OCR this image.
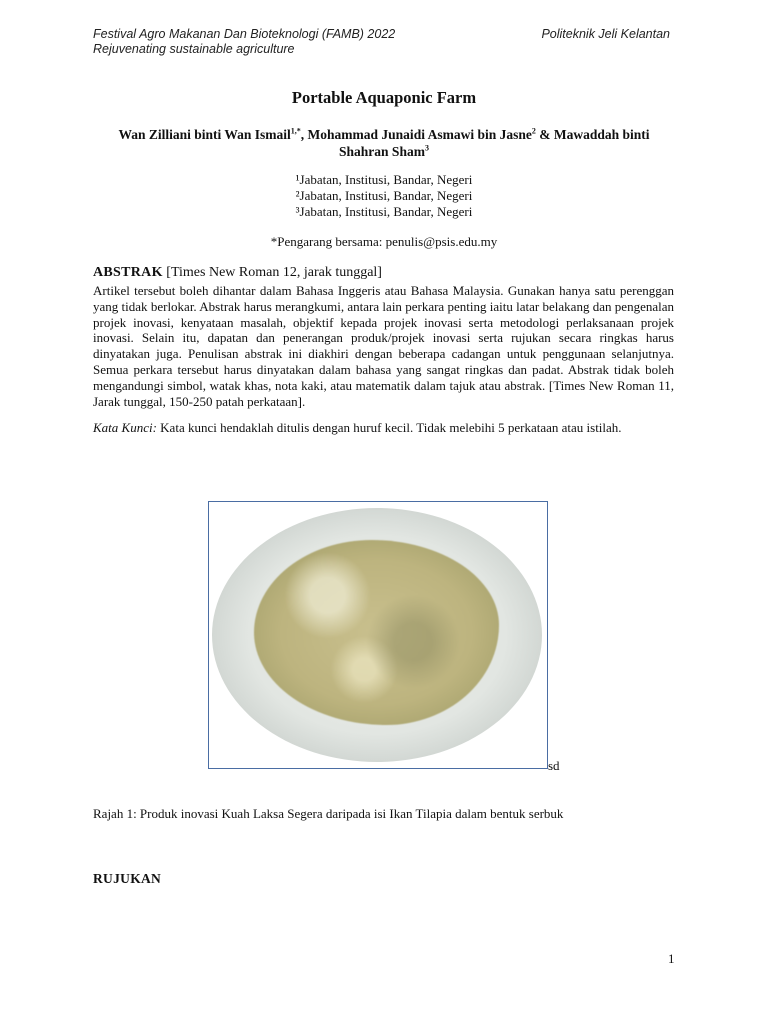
Festival Agro Makanan Dan Bioteknologi (FAMB) 2022
Rejuvenating sustainable agriculture
Politeknik Jeli Kelantan
Portable Aquaponic Farm
Wan Zilliani binti Wan Ismail$^{1,*}$, Mohammad Junaidi Asmawi bin Jasne$^2$ & Mawaddah binti Shahran Sham$^3$
¹Jabatan, Institusi, Bandar, Negeri
²Jabatan, Institusi, Bandar, Negeri
³Jabatan, Institusi, Bandar, Negeri
*Pengarang bersama: penulis@psis.edu.my
ABSTRAK [Times New Roman 12, jarak tunggal]
Artikel tersebut boleh dihantar dalam Bahasa Inggeris atau Bahasa Malaysia. Gunakan hanya satu perenggan yang tidak berlokar. Abstrak harus merangkumi, antara lain perkara penting iaitu latar belakang dan pengenalan projek inovasi, kenyataan masalah, objektif kepada projek inovasi serta metodologi perlaksanaan projek inovasi. Selain itu, dapatan dan penerangan produk/projek inovasi serta rujukan secara ringkas harus dinyatakan juga. Penulisan abstrak ini diakhiri dengan beberapa cadangan untuk penggunaan selanjutnya. Semua perkara tersebut harus dinyatakan dalam bahasa yang sangat ringkas dan padat. Abstrak tidak boleh mengandungi simbol, watak khas, nota kaki, atau matematik dalam tajuk atau abstrak. [Times New Roman 11, Jarak tunggal, 150-250 patah perkataan].
Kata Kunci: Kata kunci hendaklah ditulis dengan huruf kecil. Tidak melebihi 5 perkataan atau istilah.
sd
Rajah 1: Produk inovasi Kuah Laksa Segera daripada isi Ikan Tilapia dalam bentuk serbuk
RUJUKAN
1
